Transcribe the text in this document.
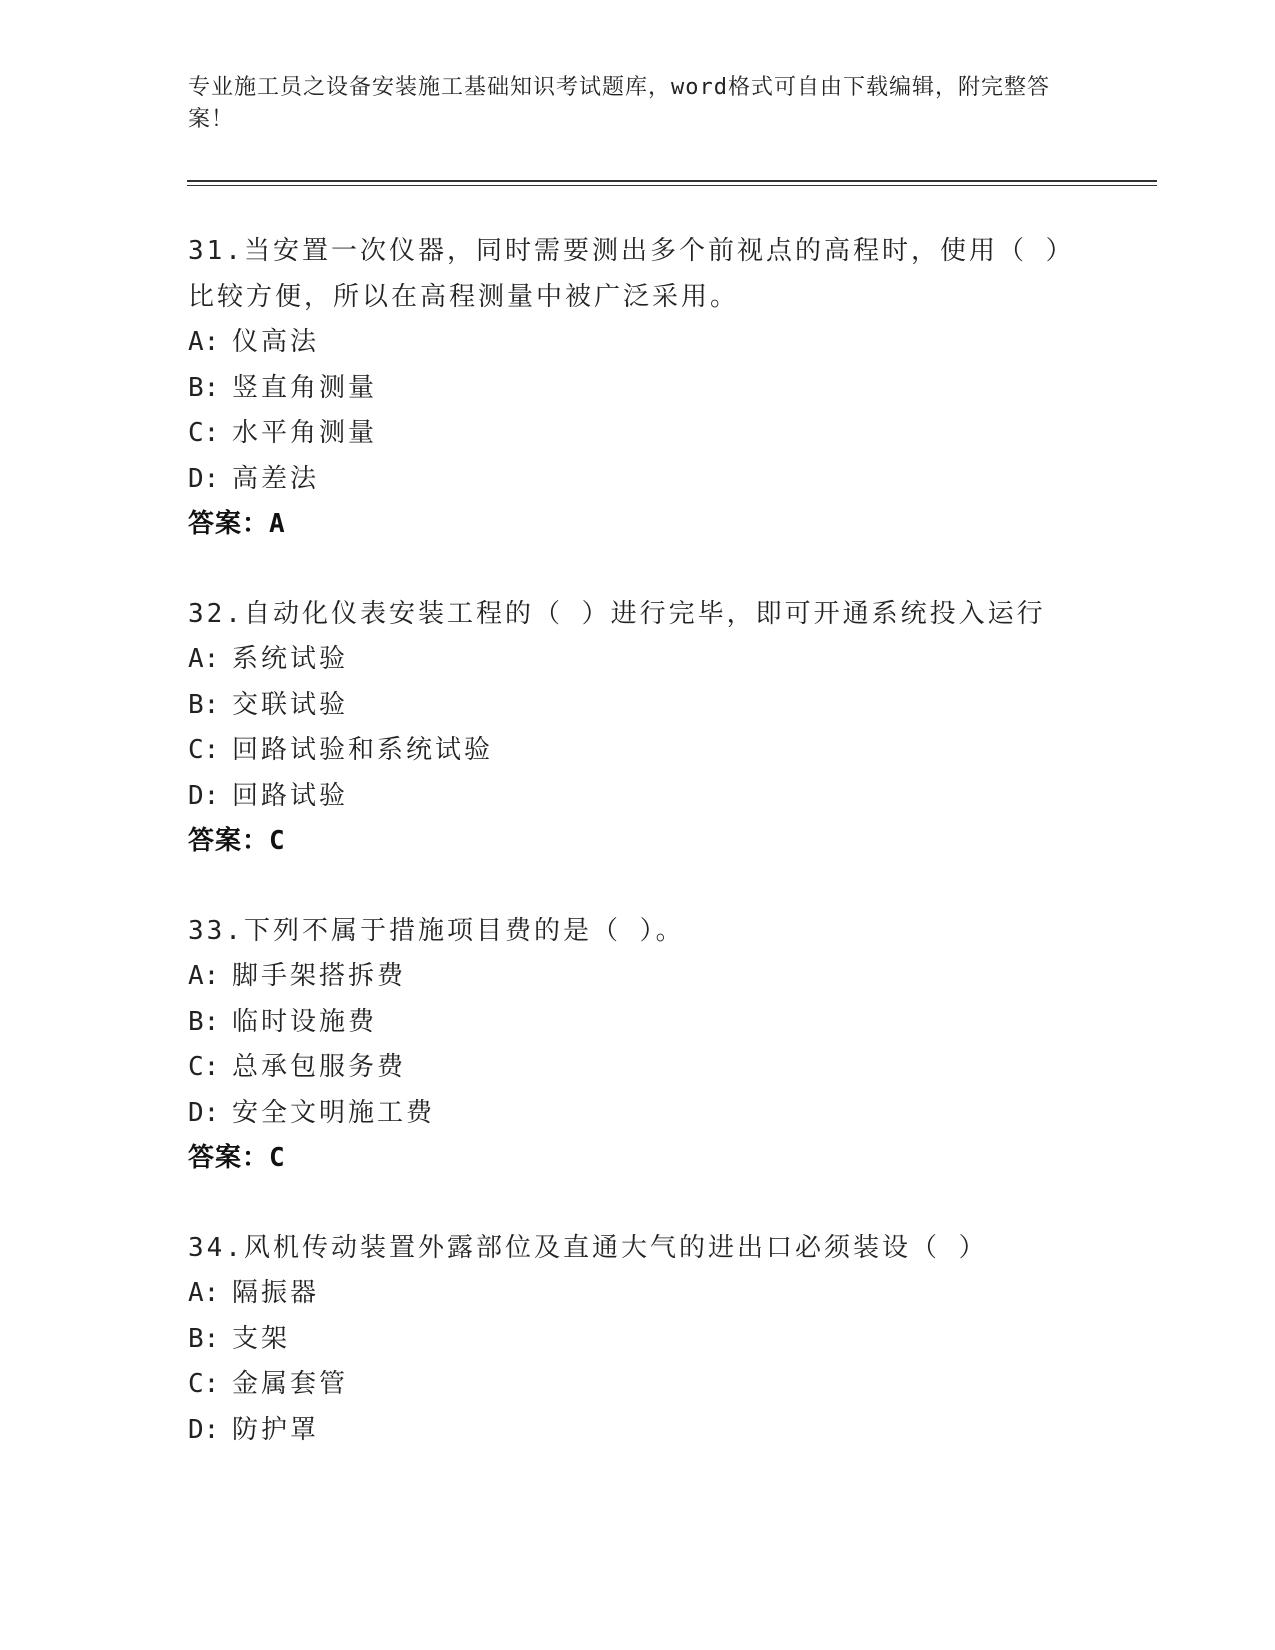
专业施工员之设备安装施工基础知识考试题库，word格式可自由下载编辑，附完整答案！

31.当安置一次仪器，同时需要测出多个前视点的高程时，使用（ ）比较方便，所以在高程测量中被广泛采用。

A: 仪高法

B: 竖直角测量

C: 水平角测量

D: 高差法

答案：A

32.自动化仪表安装工程的（ ）进行完毕，即可开通系统投入运行

A: 系统试验

B: 交联试验

C: 回路试验和系统试验

D: 回路试验

答案：C

33.下列不属于措施项目费的是（ ）。

A: 脚手架搭拆费

B: 临时设施费

C: 总承包服务费

D: 安全文明施工费

答案：C

34.风机传动装置外露部位及直通大气的进出口必须装设（ ）

A: 隔振器

B: 支架

C: 金属套管

D: 防护罩
